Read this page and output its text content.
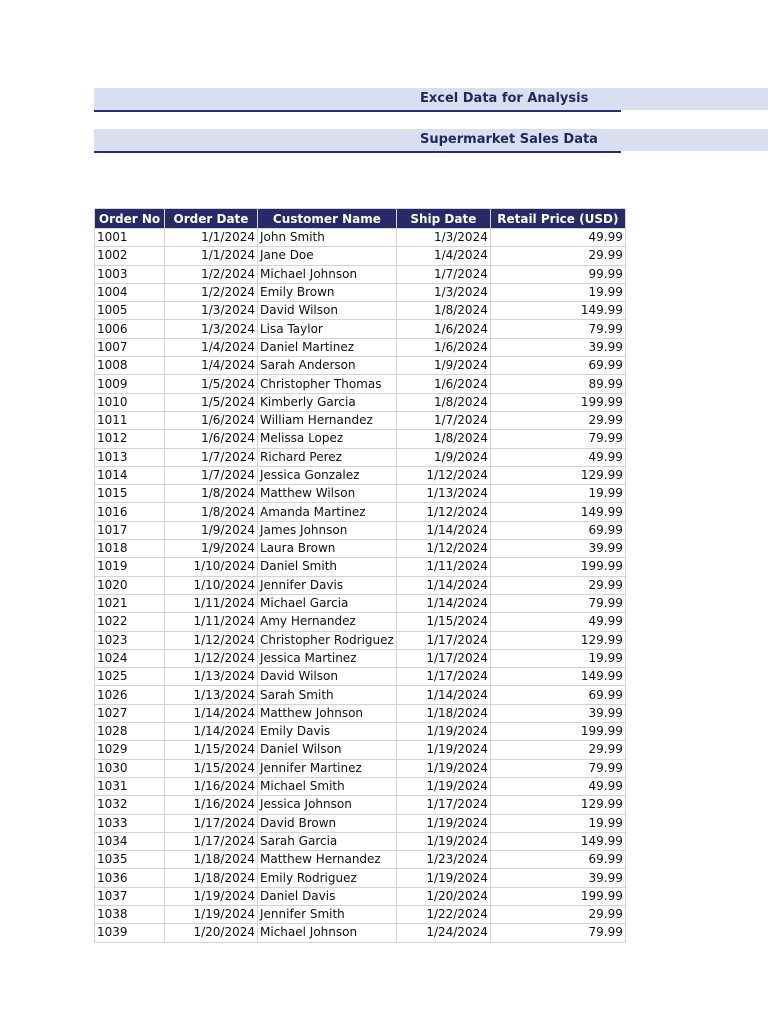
Excel Data for Analysis
Supermarket Sales Data
Order No	Order Date	Customer Name	Ship Date	Retail Price (USD)
1001	1/1/2024	John Smith	1/3/2024	49.99
1002	1/1/2024	Jane Doe	1/4/2024	29.99
1003	1/2/2024	Michael Johnson	1/7/2024	99.99
1004	1/2/2024	Emily Brown	1/3/2024	19.99
1005	1/3/2024	David Wilson	1/8/2024	149.99
1006	1/3/2024	Lisa Taylor	1/6/2024	79.99
1007	1/4/2024	Daniel Martinez	1/6/2024	39.99
1008	1/4/2024	Sarah Anderson	1/9/2024	69.99
1009	1/5/2024	Christopher Thomas	1/6/2024	89.99
1010	1/5/2024	Kimberly Garcia	1/8/2024	199.99
1011	1/6/2024	William Hernandez	1/7/2024	29.99
1012	1/6/2024	Melissa Lopez	1/8/2024	79.99
1013	1/7/2024	Richard Perez	1/9/2024	49.99
1014	1/7/2024	Jessica Gonzalez	1/12/2024	129.99
1015	1/8/2024	Matthew Wilson	1/13/2024	19.99
1016	1/8/2024	Amanda Martinez	1/12/2024	149.99
1017	1/9/2024	James Johnson	1/14/2024	69.99
1018	1/9/2024	Laura Brown	1/12/2024	39.99
1019	1/10/2024	Daniel Smith	1/11/2024	199.99
1020	1/10/2024	Jennifer Davis	1/14/2024	29.99
1021	1/11/2024	Michael Garcia	1/14/2024	79.99
1022	1/11/2024	Amy Hernandez	1/15/2024	49.99
1023	1/12/2024	Christopher Rodriguez	1/17/2024	129.99
1024	1/12/2024	Jessica Martinez	1/17/2024	19.99
1025	1/13/2024	David Wilson	1/17/2024	149.99
1026	1/13/2024	Sarah Smith	1/14/2024	69.99
1027	1/14/2024	Matthew Johnson	1/18/2024	39.99
1028	1/14/2024	Emily Davis	1/19/2024	199.99
1029	1/15/2024	Daniel Wilson	1/19/2024	29.99
1030	1/15/2024	Jennifer Martinez	1/19/2024	79.99
1031	1/16/2024	Michael Smith	1/19/2024	49.99
1032	1/16/2024	Jessica Johnson	1/17/2024	129.99
1033	1/17/2024	David Brown	1/19/2024	19.99
1034	1/17/2024	Sarah Garcia	1/19/2024	149.99
1035	1/18/2024	Matthew Hernandez	1/23/2024	69.99
1036	1/18/2024	Emily Rodriguez	1/19/2024	39.99
1037	1/19/2024	Daniel Davis	1/20/2024	199.99
1038	1/19/2024	Jennifer Smith	1/22/2024	29.99
1039	1/20/2024	Michael Johnson	1/24/2024	79.99
